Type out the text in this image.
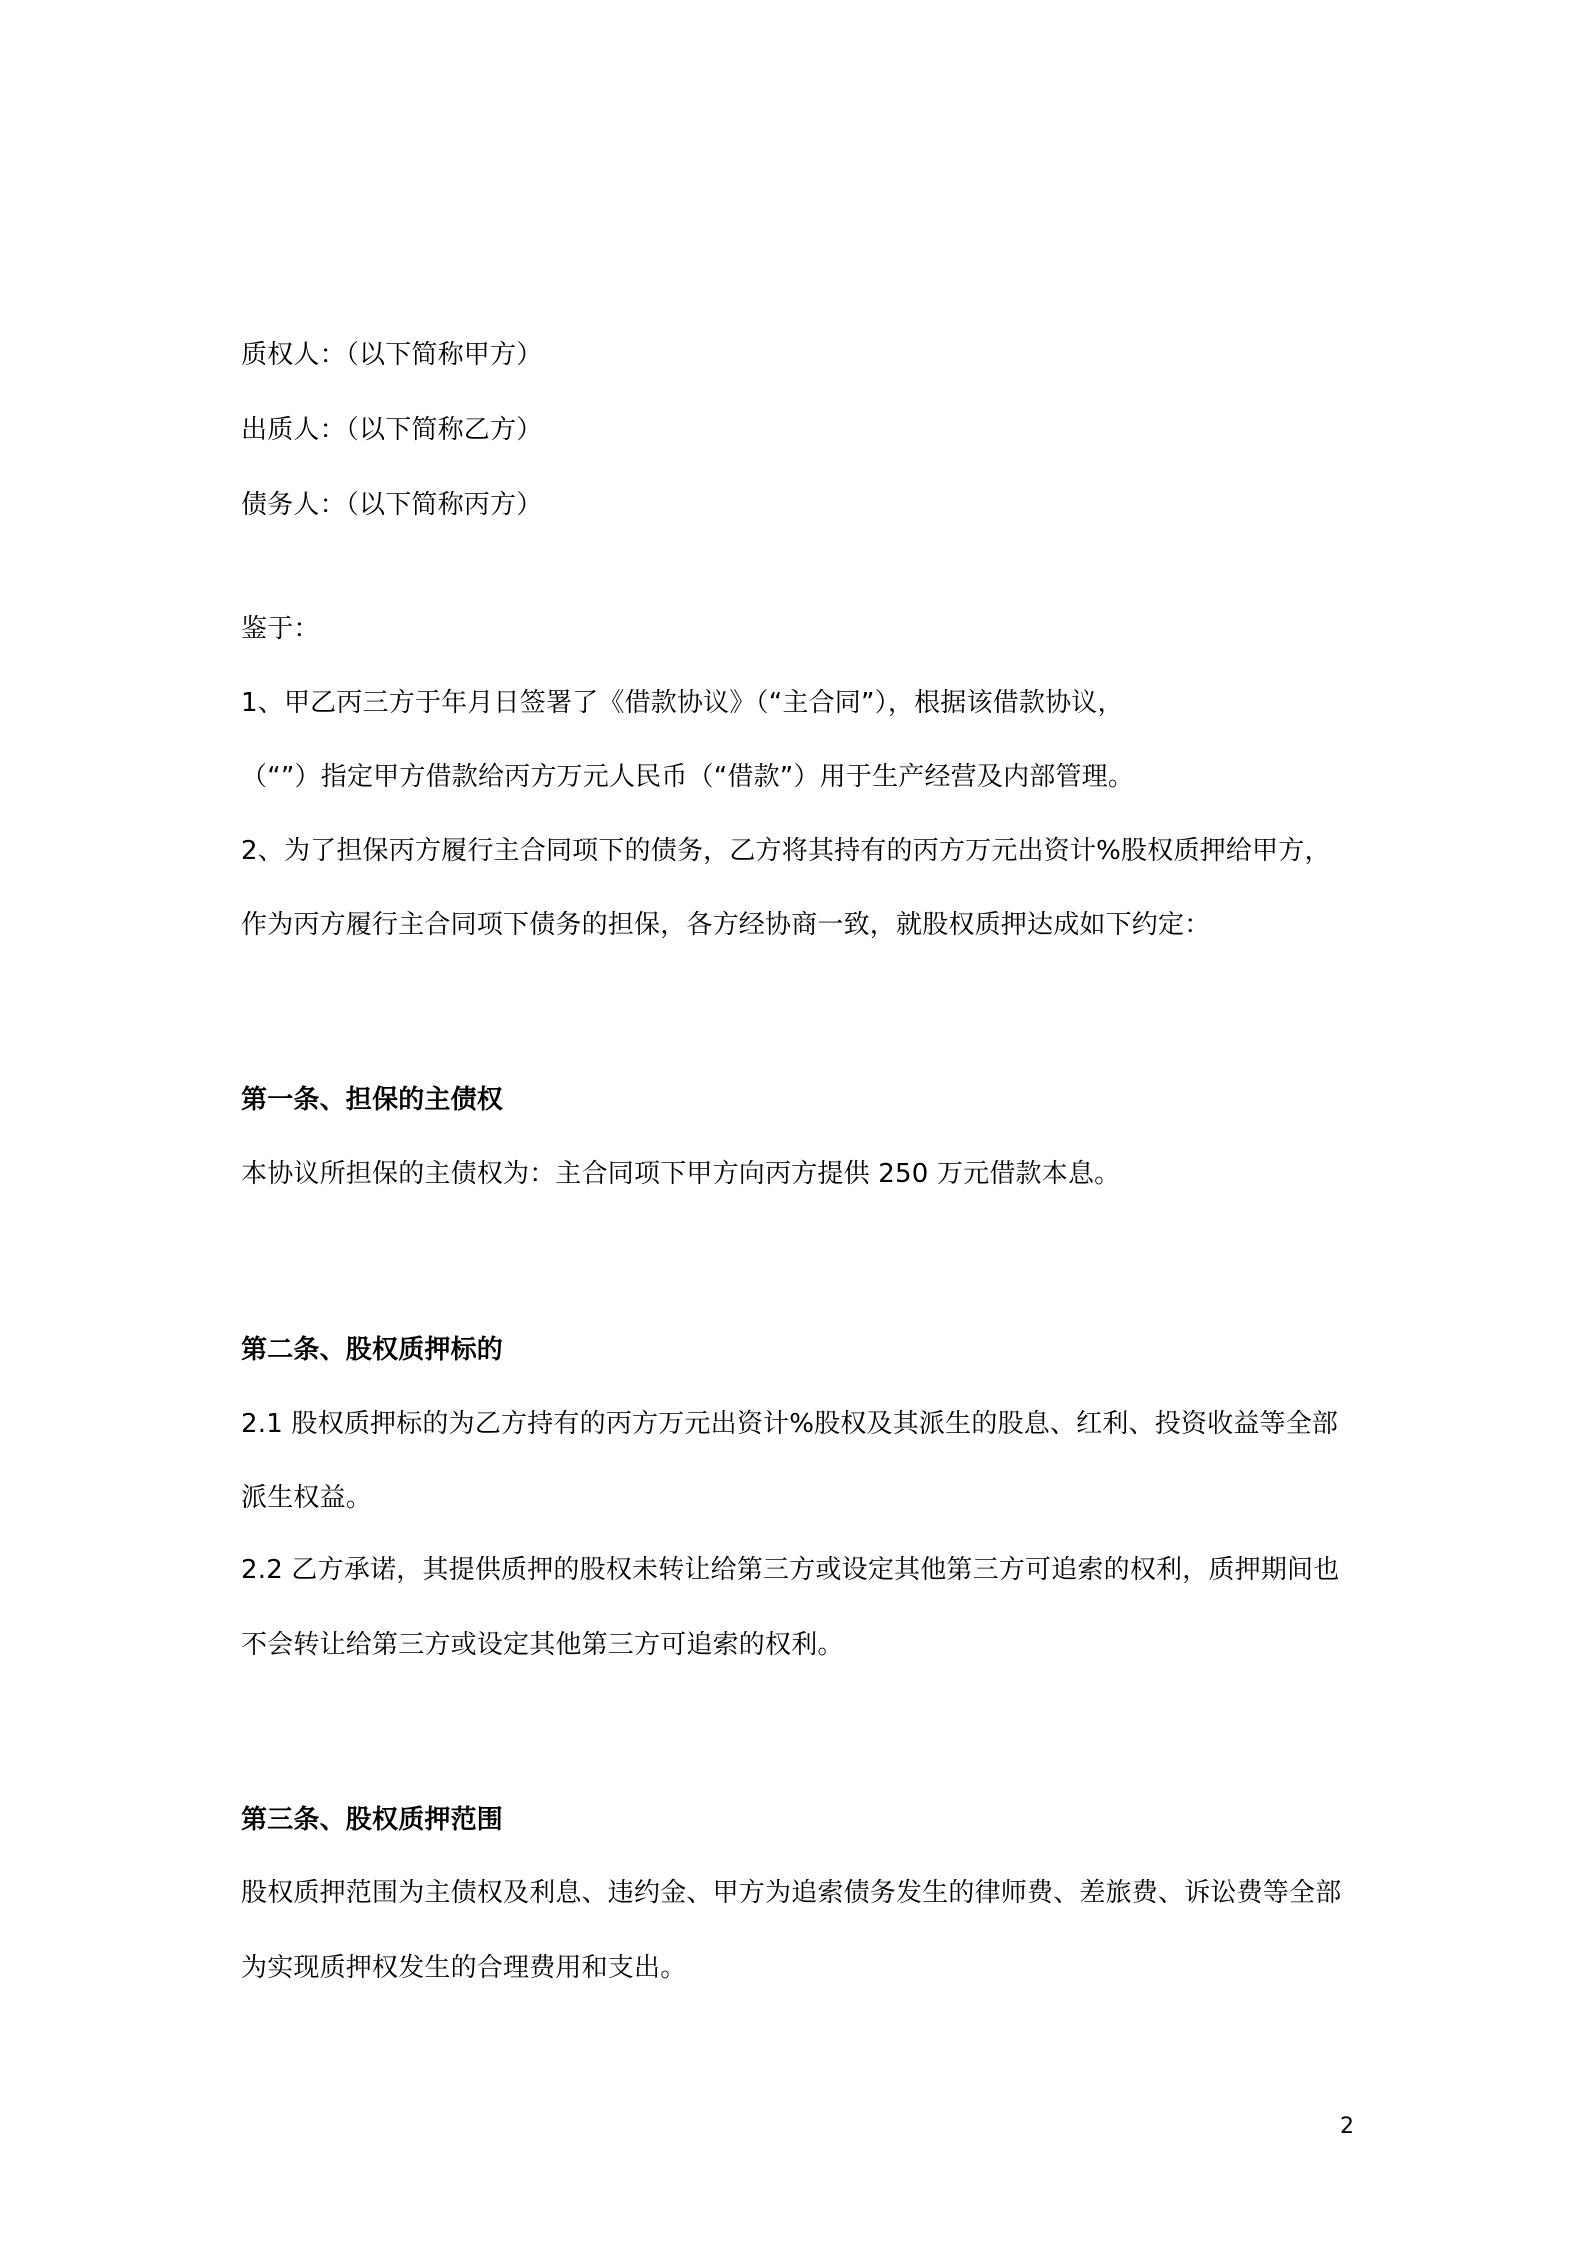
质权人：（以下简称甲方）
出质人：（以下简称乙方）
债务人：（以下简称丙方）
鉴于：
1、甲乙丙三方于年月日签署了《借款协议》（“主合同”），根据该借款协议，
（“”）指定甲方借款给丙方万元人民币（“借款”）用于生产经营及内部管理。
2、为了担保丙方履行主合同项下的债务，乙方将其持有的丙方万元出资计%股权质押给甲方，
作为丙方履行主合同项下债务的担保，各方经协商一致，就股权质押达成如下约定：
第一条、担保的主债权
本协议所担保的主债权为：主合同项下甲方向丙方提供 250 万元借款本息。
第二条、股权质押标的
2.1 股权质押标的为乙方持有的丙方万元出资计%股权及其派生的股息、红利、投资收益等全部
派生权益。
2.2 乙方承诺，其提供质押的股权未转让给第三方或设定其他第三方可追索的权利，质押期间也
不会转让给第三方或设定其他第三方可追索的权利。
第三条、股权质押范围
股权质押范围为主债权及利息、违约金、甲方为追索债务发生的律师费、差旅费、诉讼费等全部
为实现质押权发生的合理费用和支出。
2
